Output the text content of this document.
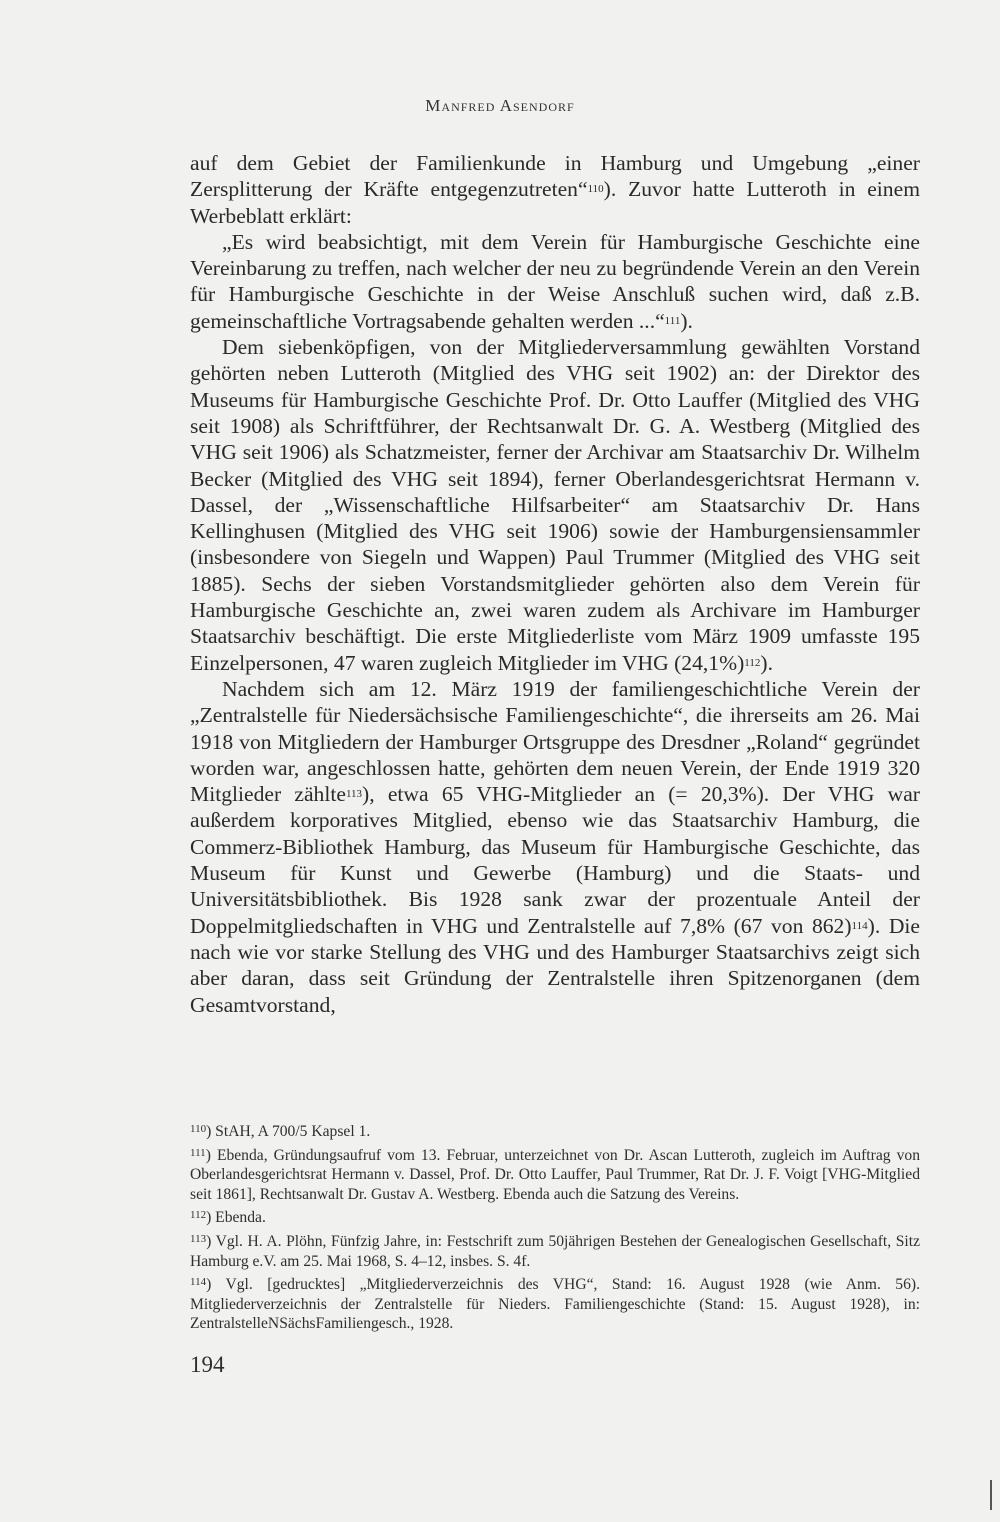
Manfred Asendorf

auf dem Gebiet der Familienkunde in Hamburg und Umgebung „einer Zersplitterung der Kräfte entgegenzutreten“110). Zuvor hatte Lutteroth in einem Werbeblatt erklärt:

„Es wird beabsichtigt, mit dem Verein für Hamburgische Geschichte eine Vereinbarung zu treffen, nach welcher der neu zu begründende Verein an den Verein für Hamburgische Geschichte in der Weise Anschluß suchen wird, daß z.B. gemeinschaftliche Vortragsabende gehalten werden ...“111).

Dem siebenköpfigen, von der Mitgliederversammlung gewählten Vorstand gehörten neben Lutteroth (Mitglied des VHG seit 1902) an: der Direktor des Museums für Hamburgische Geschichte Prof. Dr. Otto Lauffer (Mitglied des VHG seit 1908) als Schriftführer, der Rechtsanwalt Dr. G. A. Westberg (Mitglied des VHG seit 1906) als Schatzmeister, ferner der Archivar am Staatsarchiv Dr. Wilhelm Becker (Mitglied des VHG seit 1894), ferner Oberlandesgerichtsrat Hermann v. Dassel, der „Wissenschaftliche Hilfsarbeiter“ am Staatsarchiv Dr. Hans Kellinghusen (Mitglied des VHG seit 1906) sowie der Hamburgensiensammler (insbesondere von Siegeln und Wappen) Paul Trummer (Mitglied des VHG seit 1885). Sechs der sieben Vorstandsmitglieder gehörten also dem Verein für Hamburgische Geschichte an, zwei waren zudem als Archivare im Hamburger Staatsarchiv beschäftigt. Die erste Mitgliederliste vom März 1909 umfasste 195 Einzelpersonen, 47 waren zugleich Mitglieder im VHG (24,1%)112).

Nachdem sich am 12. März 1919 der familiengeschichtliche Verein der „Zentralstelle für Niedersächsische Familiengeschichte“, die ihrerseits am 26. Mai 1918 von Mitgliedern der Hamburger Ortsgruppe des Dresdner „Roland“ gegründet worden war, angeschlossen hatte, gehörten dem neuen Verein, der Ende 1919 320 Mitglieder zählte113), etwa 65 VHG-Mitglieder an (= 20,3%). Der VHG war außerdem korporatives Mitglied, ebenso wie das Staatsarchiv Hamburg, die Commerz-Bibliothek Hamburg, das Museum für Hamburgische Geschichte, das Museum für Kunst und Gewerbe (Hamburg) und die Staats- und Universitätsbibliothek. Bis 1928 sank zwar der prozentuale Anteil der Doppelmitgliedschaften in VHG und Zentralstelle auf 7,8% (67 von 862)114). Die nach wie vor starke Stellung des VHG und des Hamburger Staatsarchivs zeigt sich aber daran, dass seit Gründung der Zentralstelle ihren Spitzenorganen (dem Gesamtvorstand,

$^{110}$) StAH, A 700/5 Kapsel 1.

$^{111}$) Ebenda, Gründungsaufruf vom 13. Februar, unterzeichnet von Dr. Ascan Lutteroth, zugleich im Auftrag von Oberlandesgerichtsrat Hermann v. Dassel, Prof. Dr. Otto Lauffer, Paul Trummer, Rat Dr. J. F. Voigt [VHG-Mitglied seit 1861], Rechtsanwalt Dr. Gustav A. Westberg. Ebenda auch die Satzung des Vereins.

$^{112}$) Ebenda.

$^{113}$) Vgl. H. A. Plöhn, Fünfzig Jahre, in: Festschrift zum 50jährigen Bestehen der Genealogischen Gesellschaft, Sitz Hamburg e.V. am 25. Mai 1968, S. 4–12, insbes. S. 4f.

$^{114}$) Vgl. [gedrucktes] „Mitgliederverzeichnis des VHG“, Stand: 16. August 1928 (wie Anm. 56). Mitgliederverzeichnis der Zentralstelle für Nieders. Familiengeschichte (Stand: 15. August 1928), in: ZentralstelleNSächsFamiliengesch., 1928.

194
